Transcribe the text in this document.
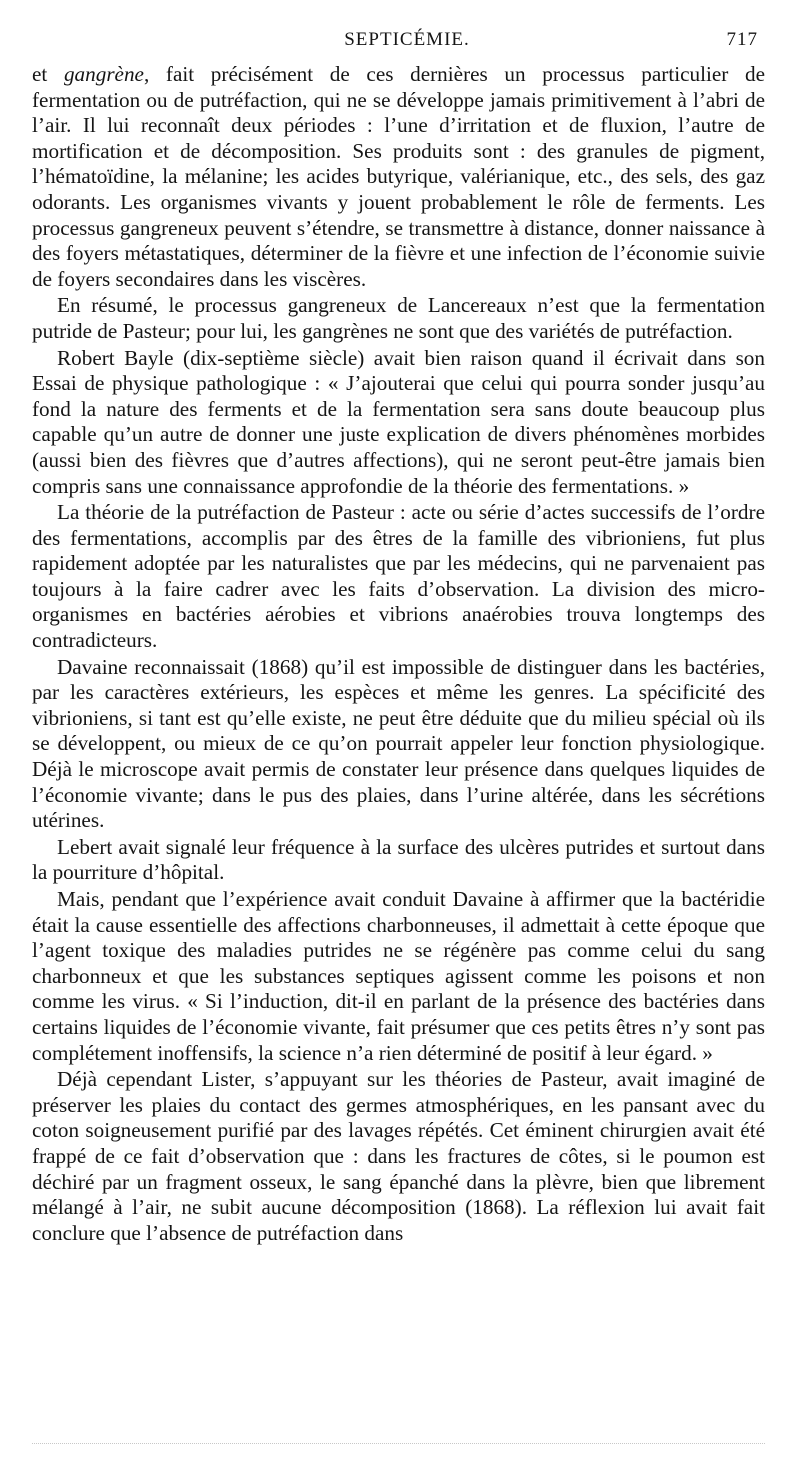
SEPTICÉMIE.	717

et gangrène, fait précisément de ces dernières un processus particulier de fermentation ou de putréfaction, qui ne se développe jamais primitivement à l’abri de l’air. Il lui reconnaît deux périodes : l’une d’irritation et de fluxion, l’autre de mortification et de décomposition. Ses produits sont : des granules de pigment, l’hématoïdine, la mélanine; les acides butyrique, valérianique, etc., des sels, des gaz odorants. Les organismes vivants y jouent probablement le rôle de ferments. Les processus gangreneux peuvent s’étendre, se transmettre à distance, donner naissance à des foyers métastatiques, déterminer de la fièvre et une infection de l’économie suivie de foyers secondaires dans les viscères.

En résumé, le processus gangreneux de Lancereaux n’est que la fermentation putride de Pasteur; pour lui, les gangrènes ne sont que des variétés de putréfaction.

Robert Bayle (dix-septième siècle) avait bien raison quand il écrivait dans son Essai de physique pathologique : « J’ajouterai que celui qui pourra sonder jusqu’au fond la nature des ferments et de la fermentation sera sans doute beaucoup plus capable qu’un autre de donner une juste explication de divers phénomènes morbides (aussi bien des fièvres que d’autres affections), qui ne seront peut-être jamais bien compris sans une connaissance approfondie de la théorie des fermentations. »

La théorie de la putréfaction de Pasteur : acte ou série d’actes successifs de l’ordre des fermentations, accomplis par des êtres de la famille des vibrioniens, fut plus rapidement adoptée par les naturalistes que par les médecins, qui ne parvenaient pas toujours à la faire cadrer avec les faits d’observation. La division des micro-organismes en bactéries aérobies et vibrions anaérobies trouva longtemps des contradicteurs.

Davaine reconnaissait (1868) qu’il est impossible de distinguer dans les bactéries, par les caractères extérieurs, les espèces et même les genres. La spécificité des vibrioniens, si tant est qu’elle existe, ne peut être déduite que du milieu spécial où ils se développent, ou mieux de ce qu’on pourrait appeler leur fonction physiologique. Déjà le microscope avait permis de constater leur présence dans quelques liquides de l’économie vivante; dans le pus des plaies, dans l’urine altérée, dans les sécrétions utérines.

Lebert avait signalé leur fréquence à la surface des ulcères putrides et surtout dans la pourriture d’hôpital.

Mais, pendant que l’expérience avait conduit Davaine à affirmer que la bactéridie était la cause essentielle des affections charbonneuses, il admettait à cette époque que l’agent toxique des maladies putrides ne se régénère pas comme celui du sang charbonneux et que les substances septiques agissent comme les poisons et non comme les virus. « Si l’induction, dit-il en parlant de la présence des bactéries dans certains liquides de l’économie vivante, fait présumer que ces petits êtres n’y sont pas complétement inoffensifs, la science n’a rien déterminé de positif à leur égard. »

Déjà cependant Lister, s’appuyant sur les théories de Pasteur, avait imaginé de préserver les plaies du contact des germes atmosphériques, en les pansant avec du coton soigneusement purifié par des lavages répétés. Cet éminent chirurgien avait été frappé de ce fait d’observation que : dans les fractures de côtes, si le poumon est déchiré par un fragment osseux, le sang épanché dans la plèvre, bien que librement mélangé à l’air, ne subit aucune décomposition (1868). La réflexion lui avait fait conclure que l’absence de putréfaction dans
